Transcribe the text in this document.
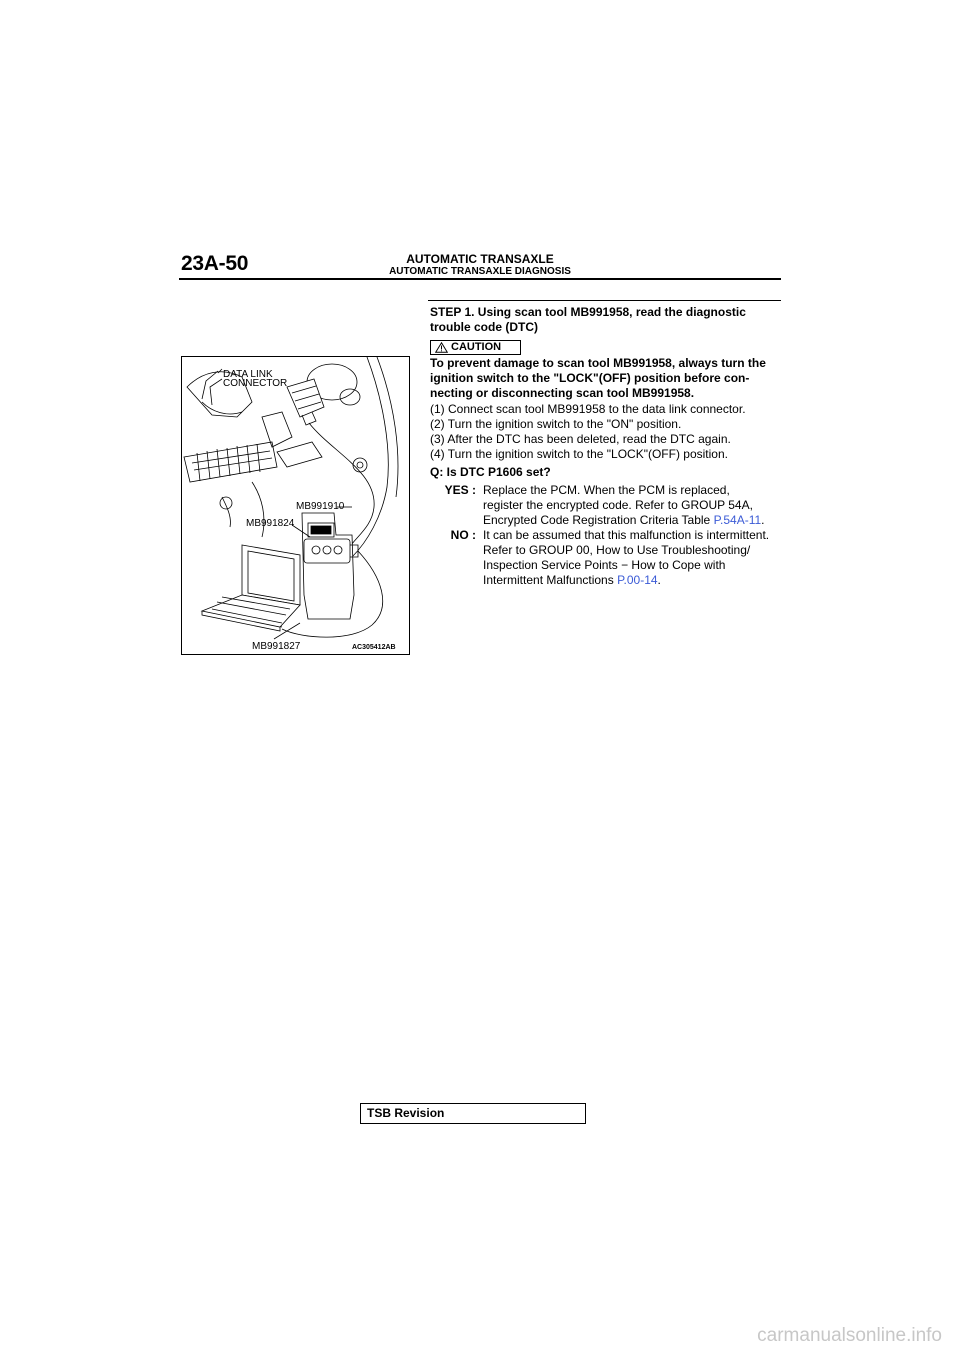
23A-50	AUTOMATIC TRANSAXLE
AUTOMATIC TRANSAXLE DIAGNOSIS
STEP 1. Using scan tool MB991958, read the diagnostic
trouble code (DTC)
CAUTION
To prevent damage to scan tool MB991958, always turn the
ignition switch to the "LOCK"(OFF) position before con-
necting or disconnecting scan tool MB991958.
(1) Connect scan tool MB991958 to the data link connector.
(2) Turn the ignition switch to the "ON" position.
(3) After the DTC has been deleted, read the DTC again.
(4) Turn the ignition switch to the "LOCK"(OFF) position.
Q: Is DTC P1606 set?
YES : Replace the PCM. When the PCM is replaced,
register the encrypted code. Refer to GROUP 54A,
Encrypted Code Registration Criteria Table P.54A-11.
NO : It can be assumed that this malfunction is intermittent.
Refer to GROUP 00, How to Use Troubleshooting/
Inspection Service Points − How to Cope with
Intermittent Malfunctions P.00-14.
DATA LINK
CONNECTOR
MB991910
MB991824
MB991827	AC305412AB
TSB Revision
carmanualsonline.info
